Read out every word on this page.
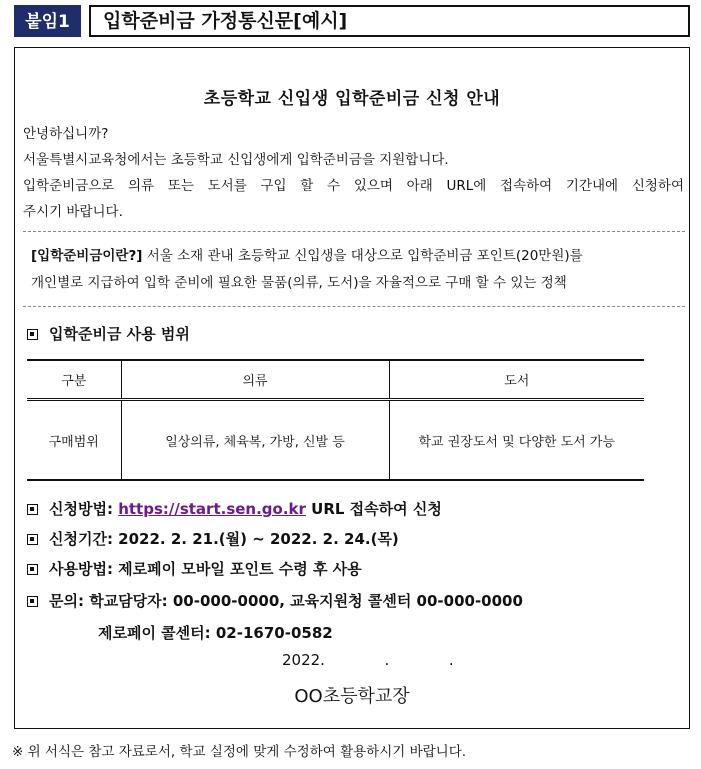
붙임1	입학준비금 가정통신문[예시]
초등학교 신입생 입학준비금 신청 안내
안녕하십니까?
서울특별시교육청에서는 초등학교 신입생에게 입학준비금을 지원합니다.
입학준비금으로 의류 또는 도서를 구입 할 수 있으며 아래 URL에 접속하여 기간내에 신청하여
주시기 바랍니다.
[입학준비금이란?] 서울 소재 관내 초등학교 신입생을 대상으로 입학준비금 포인트(20만원)를
개인별로 지급하여 입학 준비에 필요한 물품(의류, 도서)을 자율적으로 구매 할 수 있는 정책
입학준비금 사용 범위
구분	의류	도서
구매범위	일상의류, 체육복, 가방, 신발 등	학교 권장도서 및 다양한 도서 가능
신청방법: https://start.sen.go.kr URL 접속하여 신청
신청기간: 2022. 2. 21.(월) ~ 2022. 2. 24.(목)
사용방법: 제로페이 모바일 포인트 수령 후 사용
문의: 학교담당자: 00-000-0000, 교육지원청 콜센터 00-000-0000
제로페이 콜센터: 02-1670-0582
2022.	.	.
OO초등학교장
※ 위 서식은 참고 자료로서, 학교 실정에 맞게 수정하여 활용하시기 바랍니다.
